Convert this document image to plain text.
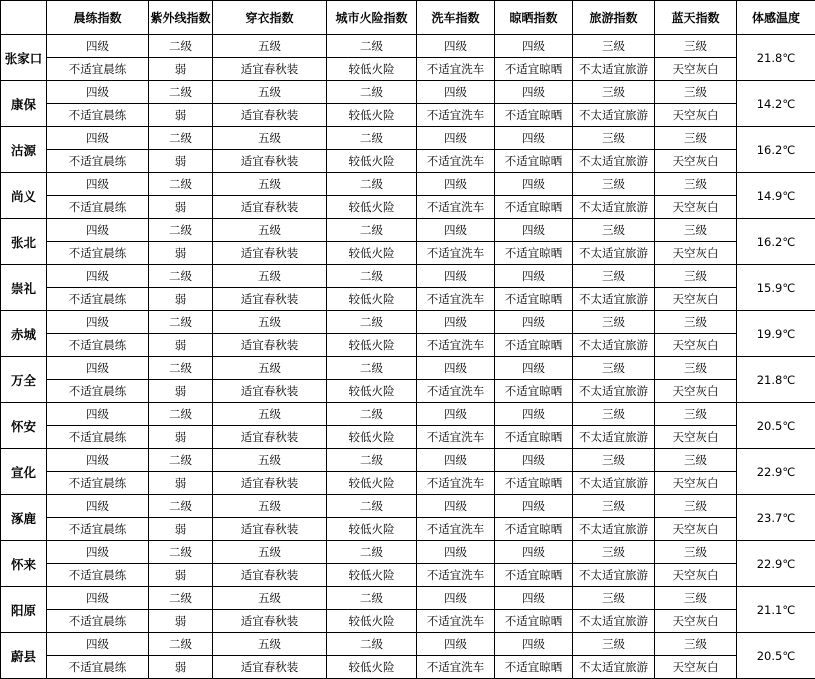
	晨练指数	紫外线指数	穿衣指数	城市火险指数	洗车指数	晾晒指数	旅游指数	蓝天指数	体感温度
张家口	四级	二级	五级	二级	四级	四级	三级	三级	21.8℃
	不适宜晨练	弱	适宜春秋装	较低火险	不适宜洗车	不适宜晾晒	不太适宜旅游	天空灰白	
康保	四级	二级	五级	二级	四级	四级	三级	三级	14.2℃
	不适宜晨练	弱	适宜春秋装	较低火险	不适宜洗车	不适宜晾晒	不太适宜旅游	天空灰白	
沽源	四级	二级	五级	二级	四级	四级	三级	三级	16.2℃
	不适宜晨练	弱	适宜春秋装	较低火险	不适宜洗车	不适宜晾晒	不太适宜旅游	天空灰白	
尚义	四级	二级	五级	二级	四级	四级	三级	三级	14.9℃
	不适宜晨练	弱	适宜春秋装	较低火险	不适宜洗车	不适宜晾晒	不太适宜旅游	天空灰白	
张北	四级	二级	五级	二级	四级	四级	三级	三级	16.2℃
	不适宜晨练	弱	适宜春秋装	较低火险	不适宜洗车	不适宜晾晒	不太适宜旅游	天空灰白	
崇礼	四级	二级	五级	二级	四级	四级	三级	三级	15.9℃
	不适宜晨练	弱	适宜春秋装	较低火险	不适宜洗车	不适宜晾晒	不太适宜旅游	天空灰白	
赤城	四级	二级	五级	二级	四级	四级	三级	三级	19.9℃
	不适宜晨练	弱	适宜春秋装	较低火险	不适宜洗车	不适宜晾晒	不太适宜旅游	天空灰白	
万全	四级	二级	五级	二级	四级	四级	三级	三级	21.8℃
	不适宜晨练	弱	适宜春秋装	较低火险	不适宜洗车	不适宜晾晒	不太适宜旅游	天空灰白	
怀安	四级	二级	五级	二级	四级	四级	三级	三级	20.5℃
	不适宜晨练	弱	适宜春秋装	较低火险	不适宜洗车	不适宜晾晒	不太适宜旅游	天空灰白	
宣化	四级	二级	五级	二级	四级	四级	三级	三级	22.9℃
	不适宜晨练	弱	适宜春秋装	较低火险	不适宜洗车	不适宜晾晒	不太适宜旅游	天空灰白	
涿鹿	四级	二级	五级	二级	四级	四级	三级	三级	23.7℃
	不适宜晨练	弱	适宜春秋装	较低火险	不适宜洗车	不适宜晾晒	不太适宜旅游	天空灰白	
怀来	四级	二级	五级	二级	四级	四级	三级	三级	22.9℃
	不适宜晨练	弱	适宜春秋装	较低火险	不适宜洗车	不适宜晾晒	不太适宜旅游	天空灰白	
阳原	四级	二级	五级	二级	四级	四级	三级	三级	21.1℃
	不适宜晨练	弱	适宜春秋装	较低火险	不适宜洗车	不适宜晾晒	不太适宜旅游	天空灰白	
蔚县	四级	二级	五级	二级	四级	四级	三级	三级	20.5℃
	不适宜晨练	弱	适宜春秋装	较低火险	不适宜洗车	不适宜晾晒	不太适宜旅游	天空灰白	
